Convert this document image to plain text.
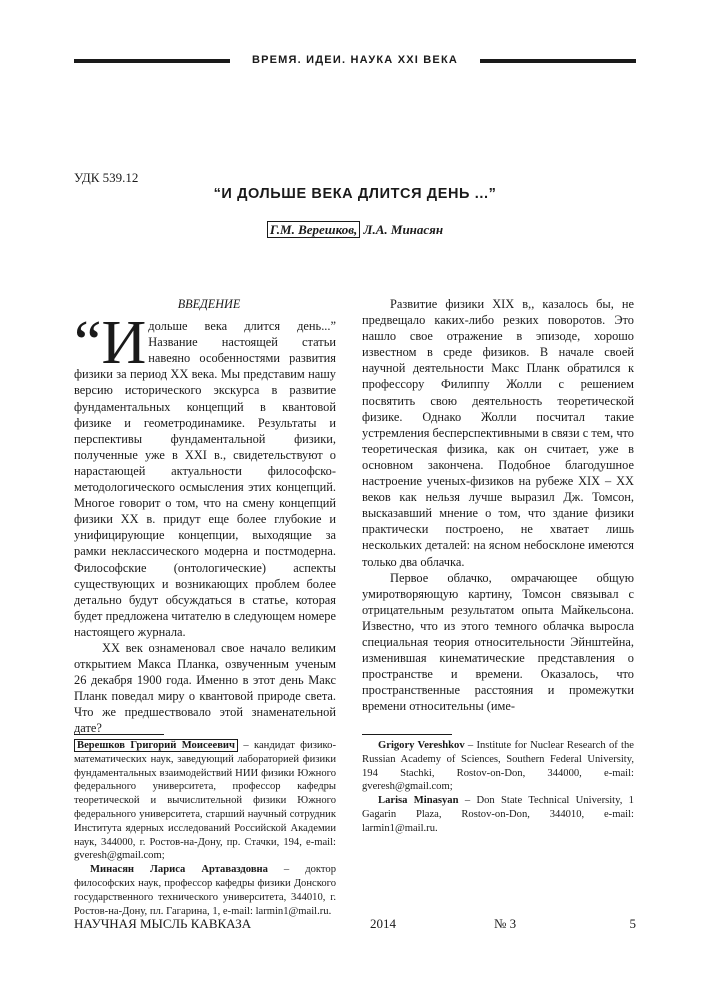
ВРЕМЯ. ИДЕИ. НАУКА XXI ВЕКА
УДК 539.12
“И ДОЛЬШЕ ВЕКА ДЛИТСЯ ДЕНЬ ...”
Г.М. Верешков, Л.А. Минасян
ВВЕДЕНИЕ
“И дольше века длится день...” Название настоящей статьи навеяно особенностями развития физики за период XX века. Мы представим нашу версию исторического экскурса в развитие фундаментальных концепций в квантовой физике и геометродинамике. Результаты и перспективы фундаментальной физики, полученные уже в XXI в., свидетельствуют о нарастающей актуальности философско-методологического осмысления этих концепций. Многое говорит о том, что на смену концепций физики XX в. придут еще более глубокие и унифицирующие концепции, выходящие за рамки неклассического модерна и постмодерна. Философские (онтологические) аспекты существующих и возникающих проблем более детально будут обсуждаться в статье, которая будет предложена читателю в следующем номере настоящего журнала.

XX век ознаменовал свое начало великим открытием Макса Планка, озвученным ученым 26 декабря 1900 года. Именно в этот день Макс Планк поведал миру о квантовой природе света. Что же предшествовало этой знаменательной дате?

Развитие физики XIX в,, казалось бы, не предвещало каких-либо резких поворотов. Это нашло свое отражение в эпизоде, хорошо известном в среде физиков. В начале своей научной деятельности Макс Планк обратился к профессору Филиппу Жолли с решением посвятить свою деятельность теоретической физике. Однако Жолли посчитал такие устремления бесперспективными в связи с тем, что теоретическая физика, как он считает, уже в основном закончена. Подобное благодушное настроение ученых-физиков на рубеже XIX – XX веков как нельзя лучше выразил Дж. Томсон, высказавший мнение о том, что здание физики практически построено, не хватает лишь нескольких деталей: на ясном небосклоне имеются только два облачка.

Первое облачко, омрачающее общую умиротворяющую картину, Томсон связывал с отрицательным результатом опыта Майкельсона. Известно, что из этого темного облачка выросла специальная теория относительности Эйнштейна, изменившая кинематические представления о пространстве и времени. Оказалось, что пространственные расстояния и промежутки времени относительны (име-

Верешков Григорий Моисеевич – кандидат физико-математических наук, заведующий лабораторией физики фундаментальных взаимодействий НИИ физики Южного федерального университета, профессор кафедры теоретической и вычислительной физики Южного федерального университета, старший научный сотрудник Института ядерных исследований Российской Академии наук, 344000, г. Ростов-на-Дону, пр. Стачки, 194, e-mail: gveresh@gmail.com;
Минасян Лариса Артаваздовна – доктор философских наук, профессор кафедры физики Донского государственного технического университета, 344010, г. Ростов-на-Дону, пл. Гагарина, 1, e-mail: larmin1@mail.ru.
Grigory Vereshkov – Institute for Nuclear Research of the Russian Academy of Sciences, Southern Federal University, 194 Stachki, Rostov-on-Don, 344000, e-mail: gveresh@gmail.com;
Larisa Minasyan – Don State Technical University, 1 Gagarin Plaza, Rostov-on-Don, 344010, e-mail: larmin1@mail.ru.
НАУЧНАЯ МЫСЛЬ КАВКАЗА	2014	№ 3	5
